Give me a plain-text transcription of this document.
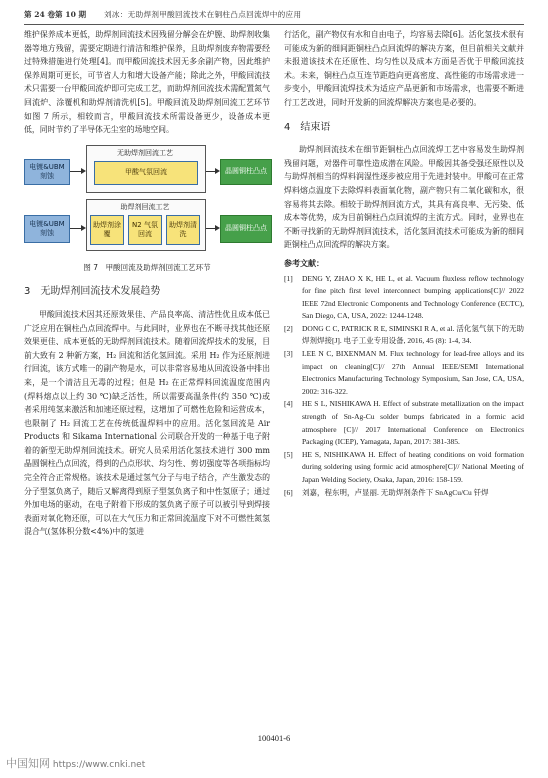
第 24 卷第 10 期 刘冰：无助焊剂甲酸回流技术在铜柱凸点回流焊中的应用

维护保养成本更低，助焊剂回流技术因残留分解会在炉膛、助焊剂收集器等地方残留，需要定期进行清洁和维护保养，且助焊剂废弃物需要经过特殊措施进行处理[4]。而甲酸回流技术因无多余副产物，因此维护保养周期可更长，可节省人力和增大设备产能；除此之外，甲酸回流技术只需要一台甲酸回流炉即可完成工艺，而助焊剂回流技术需配置氮气回流炉、涂覆机和助焊剂清洗机[5]。甲酸回流及助焊剂回流工艺环节如图 7 所示，相较而言，甲酸回流技术所需设备更少，设备成本更低，同时节约了半导体无尘室的场地空间。

电镀&UBM 刻蚀
无助焊剂回流工艺
甲酸气氛回流	晶圆铜柱凸点
电镀&UBM 刻蚀
助焊剂回流工艺
助焊剂涂覆
N2 气氛回流
助焊剂清洗
晶圆铜柱凸点
图 7　甲酸回流及助焊剂回流工艺环节
3　无助焊剂回流技术发展趋势

甲酸回流技术因其还原效果佳、产品良率高、清洁性优且成本低已广泛应用在铜柱凸点回流焊中。与此同时，业界也在不断寻找其他还原效果更佳、成本更低的无助焊剂回流技术。随着回流焊技术的发展，目前大致有 2 种新方案，H₂ 回流和活化氢回流。采用 H₂ 作为还原剂进行回流，该方式唯一的副产物是水，可以非常容易地从回流设备中排出来，是一个清洁且无毒的过程；但是 H₂ 在正常焊料回流温度范围内(焊料熔点以上约 30 ℃)缺乏活性，所以需要高温条件(约 350 ℃)或者采用纯氢来激活和加速还原过程，这增加了可燃性危险和运营成本，也限制了 H₂ 回流工艺在传统低温焊料中的应用。活化氢回流是 Air Products 和 Sikama International 公司联合开发的一种基于电子附着的新型无助焊剂回流技术。研究人员采用活化氢技术进行 300 mm 晶圆铜柱凸点回流，得到的凸点形状、均匀性、剪切强度等各项指标均完全符合正常规格。该技术是通过氢气分子与电子结合，产生激发态的分子型氢负离子，随后又解离得到原子型氢负离子和中性氢原子；通过外加电场的驱动，在电子附着下形成的氢负离子原子可以被引导到焊接表面对氧化物还原，可以在大气压力和正常回流温度下对不可燃性氮氢混合气(氢体积分数<4%)中的氢进

行活化，副产物仅有水和自由电子，均容易去除[6]。活化氢技术很有可能成为新的细间距铜柱凸点回流焊的解决方案，但目前相关文献并未报道该技术在还原性、均匀性以及成本方面是否优于甲酸回流技术。未来，铜柱凸点互连节距趋向更高密度、高性能的市场需求进一步变小，甲酸回流焊技术为适应产品更新和市场需求，也需要不断进行工艺改进，同时开发新的回流焊解决方案也是必要的。

4　结束语

助焊剂回流技术在细节距铜柱凸点回流焊工艺中容易发生助焊剂残留问题，对器件可靠性造成潜在风险。甲酸因其备受强还原性以及与助焊剂相当的焊料润湿性逐步被应用于先进封装中。甲酸可在正常焊料熔点温度下去除焊料表面氧化物，副产物只有二氧化碳和水，很容易将其去除。相较于助焊剂回流方式，其具有高良率、无污染、低成本等优势，成为目前铜柱凸点回流焊的主流方式。同时，业界也在不断寻找新的无助焊剂回流技术，活化氢回流技术可能成为新的细间距铜柱凸点回流焊的解决方案。

参考文献：
[1] DENG Y, ZHAO X K, HE L, et al. Vacuum fluxless reflow technology for fine pitch first level interconnect bumping applications[C]// 2022 IEEE 72nd Electronic Components and Technology Conference (ECTC), San Diego, CA, USA, 2022: 1244-1248.
[2] DONG C C, PATRICK R E, SIMINSKI R A, et al. 活化氢气氛下的无助焊剂焊接[J]. 电子工业专用设备, 2016, 45 (8): 1-4, 34.
[3] LEE N C, BIXENMAN M. Flux technology for lead-free alloys and its impact on cleaning[C]// 27th Annual IEEE/SEMI International Electronics Manufacturing Technology Symposium, San Jose, CA, USA, 2002: 316-322.
[4] HE S L, NISHIKAWA H. Effect of substrate metallization on the impact strength of Sn-Ag-Cu solder bumps fabricated in a formic acid atmosphere [C]// 2017 International Conference on Electronics Packaging (ICEP), Yamagata, Japan, 2017: 381-385.
[5] HE S, NISHIKAWA H. Effect of heating conditions on void formation during soldering using formic acid atmosphere[C]// National Meeting of Japan Welding Society, Osaka, Japan, 2016: 158-159.
[6] 刘嘉，程东明，卢显丽. 无助焊剂条件下 SnAgCu/Cu 钎焊
100401-6
中国知网 https://www.cnki.net
